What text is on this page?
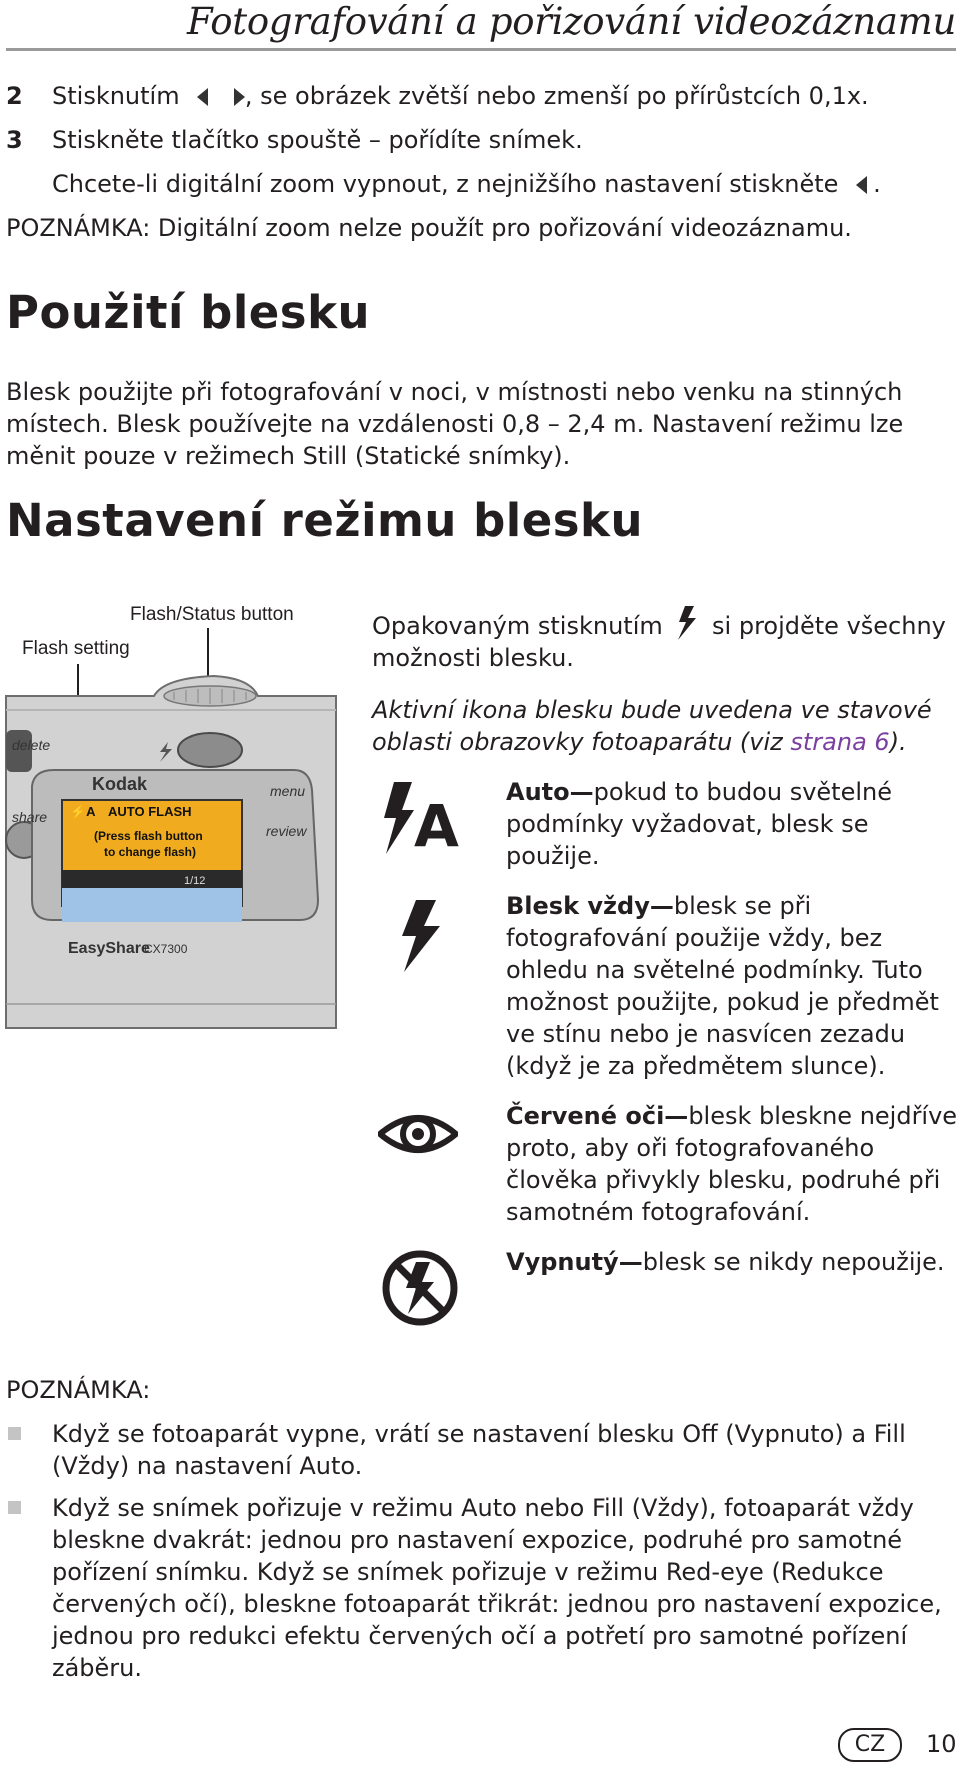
Fotografování a pořizování videozáznamu
2 Stisknutím	, se obrázek zvětší nebo zmenší po přírůstcích 0,1x.
3 Stiskněte tlačítko spouště – pořídíte snímek.
Chcete-li digitální zoom vypnout, z nejnižšího nastavení stiskněte .
POZNÁMKA: Digitální zoom nelze použít pro pořizování videozáznamu.
Použití blesku
Blesk použijte při fotografování v noci, v místnosti nebo venku na stinných
místech. Blesk používejte na vzdálenosti 0,8 – 2,4 m. Nastavení režimu lze
měnit pouze v režimech Still (Statické snímky).
Nastavení režimu blesku
Flash/Status button
Flash setting
Kodak
⚡A AUTO FLASH
(Press flash button
to change flash)
1/12
delete
share
menu
review
EasyShare
CX7300
Opakovaným stisknutím si projděte všechny
možnosti blesku.
Aktivní ikona blesku bude uvedena ve stavové
oblasti obrazovky fotoaparátu (viz strana 6).
A Auto—pokud to budou světelné
podmínky vyžadovat, blesk se
použije.
Blesk vždy—blesk se při
fotografování použije vždy, bez
ohledu na světelné podmínky. Tuto
možnost použijte, pokud je předmět
ve stínu nebo je nasvícen zezadu
(když je za předmětem slunce).
Červené oči—blesk bleskne nejdříve
proto, aby oři fotografovaného
člověka přivykly blesku, podruhé při
samotném fotografování.
Vypnutý—blesk se nikdy nepoužije.
POZNÁMKA:
Když se fotoaparát vypne, vrátí se nastavení blesku Off (Vypnuto) a Fill
(Vždy) na nastavení Auto.
Když se snímek pořizuje v režimu Auto nebo Fill (Vždy), fotoaparát vždy
bleskne dvakrát: jednou pro nastavení expozice, podruhé pro samotné
pořízení snímku. Když se snímek pořizuje v režimu Red-eye (Redukce
červených očí), bleskne fotoaparát třikrát: jednou pro nastavení expozice,
jednou pro redukci efektu červených očí a potřetí pro samotné pořízení
záběru.
CZ	10
